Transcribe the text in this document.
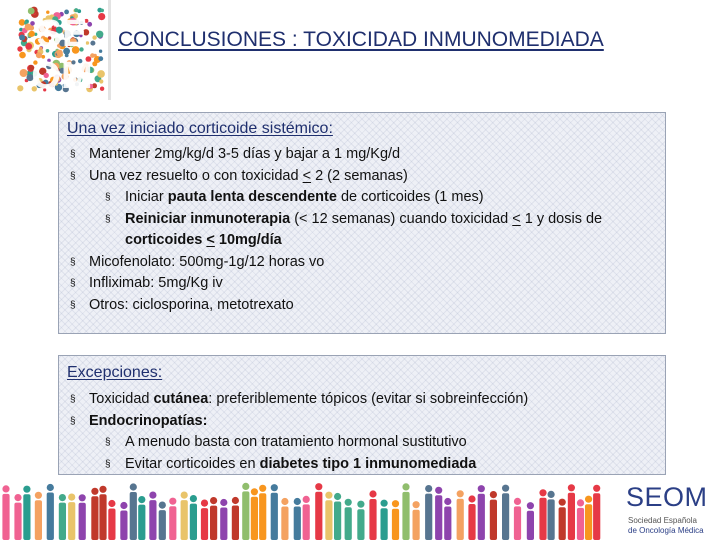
SE
OM
CONCLUSIONES : TOXICIDAD INMUNOMEDIADA
Una vez iniciado corticoide sistémico:
§ Mantener 2mg/kg/d 3-5 días y bajar a 1 mg/Kg/d
§ Una vez resuelto o con toxicidad < 2 (2 semanas)
§ Iniciar pauta lenta descendente de corticoides (1 mes)
§ Reiniciar inmunoterapia (< 12 semanas) cuando toxicidad < 1 y dosis de
corticoides < 10mg/día
§ Micofenolato: 500mg-1g/12 horas vo
§ Infliximab: 5mg/Kg iv
§ Otros: ciclosporina, metotrexato
Excepciones:
§ Toxicidad cutánea: preferiblemente tópicos (evitar si sobreinfección)
§ Endocrinopatías:
§ A menudo basta con tratamiento hormonal sustitutivo
§ Evitar corticoides en diabetes tipo 1 inmunomediada
SEOM
Sociedad Española
de Oncología Médica
